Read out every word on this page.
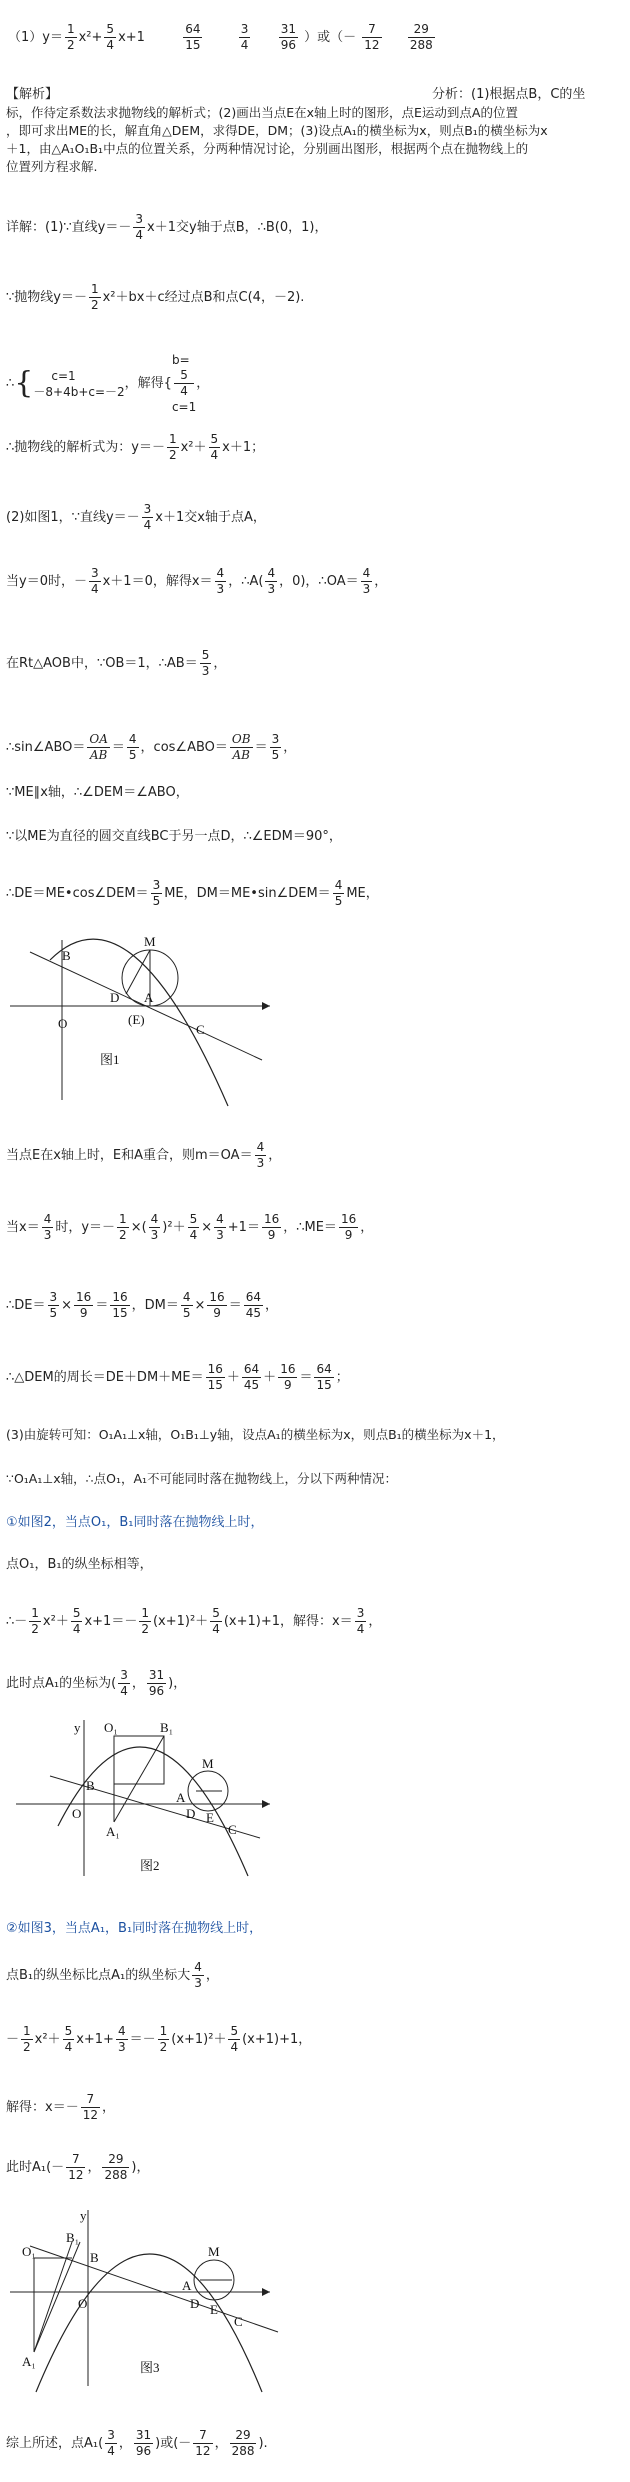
$(1)y= \frac{1}{2} x^2+ \frac{5}{4} x+1$	$\frac{64}{15}$
	$\frac{3}{4}$
$\frac{31}{96}$ ）或（－ $\frac{7}{12}$
$\frac{29}{288}$
【解析】	分析：(1)根据点B，C的坐
标，作待定系数法求抛物线的解析式；(2)画出当点E在x轴上时的图形，点E运动到点A的位置
，即可求出ME的长，解直角△DEM，求得DE，DM；(3)设点A₁的横坐标为x，则点B₁的横坐标为x
＋1，由△A₁O₁B₁中点的位置关系，分两种情况讨论，分别画出图形，根据两个点在抛物线上的
位置列方程求解.
详解：(1)∵直线$y=- \frac{3}{4} x+1$交y轴于点B，∴B(0，1)，
∵抛物线$y=- \frac{1}{2} x^2+bx+c$经过点B和点C(4，－2).
∴{	c=1
－8+4b+c=－2
，解得{
b=
5
4
c=1
，
∴抛物线的解析式为：$y=- \frac{1}{2} x^2+ \frac{5}{4} x+1$；
(2)如图1，∵直线$y=- \frac{3}{4} x+1$交x轴于点A，
当y＝0时，－ $\frac{3}{4} x+1=0$，解得$x= \frac{4}{3}$ ，∴A( $\frac{4}{3}$ ，0)，∴OA＝ $\frac{4}{3}$ ，
在Rt△AOB中，∵OB＝1，∴AB＝ $\frac{5}{3}$ ，
∴sin∠ABO＝ $\frac{OA}{AB} = \frac{4}{5}$ ，cos∠ABO＝ $\frac{OB}{AB} = \frac{3}{5}$ ，
∵ME∥x轴，∴∠DEM＝∠ABO，
∵以ME为直径的圆交直线BC于另一点D，∴∠EDM＝90°，
∴DE＝ME•cos∠DEM＝ $\frac{3}{5}$ ME，DM＝ME•sin∠DEM＝ $\frac{4}{5}$ ME，
B
M
O
D A
(E)
C
图1
当点E在x轴上时，E和A重合，则$m=OA= \frac{4}{3}$ ，
当$x= \frac{4}{3}$ 时，$y=- \frac{1}{2}$ ×( $\frac{4}{3} )^2+ \frac{5}{4} \times \frac{4}{3} +1= \frac{16}{9}$ ，∴ME＝ $\frac{16}{9}$ ，
∴DE＝ $\frac{3}{5} \times \frac{16}{9} = \frac{16}{15}$ ，$DM= \frac{4}{5} \times \frac{16}{9} = \frac{64}{45}$ ，
∴△DEM的周长$=DE+DM+ME= \frac{16}{15} + \frac{64}{45} + \frac{16}{9} = \frac{64}{15}$ ；
(3)由旋转可知：O₁A₁⊥x轴，O₁B₁⊥y轴，设点A₁的横坐标为x，则点B₁的横坐标为x＋1，
∵O₁A₁⊥x轴，∴点O₁，A₁不可能同时落在抛物线上，分以下两种情况：
①如图2，当点O₁，B₁同时落在抛物线上时，
点O₁，B₁的纵坐标相等，
∴－ $\frac{1}{2} x^2+ \frac{5}{4} x+1=- \frac{1}{2} (x+1)^2+ \frac{5}{4} (x+1)+1$，解得：$x= \frac{3}{4}$ ，
此时点A₁的坐标为( $\frac{3}{4}$ ， $\frac{31}{96}$ )，
y O₁	B₁
B
M
O
A
D
A₁
E
C
图2
②如图3，当点A₁，B₁同时落在抛物线上时，
点B₁的纵坐标比点A₁的纵坐标大 $\frac{4}{3}$ ，
－ $\frac{1}{2} x^2+ \frac{5}{4} x+1+ \frac{4}{3} =- \frac{1}{2} (x+1)^2+ \frac{5}{4} (x+1)+1$，
解得：$x=- \frac{7}{12}$ ，
此时$A_1(- \frac{7}{12}$ ， $\frac{29}{288}$ )，
y
B₁
O₁	B	M
O
A
D E
C
A₁	图3
综上所述，点$A_1( \frac{3}{4}$ ， $\frac{31}{96}$ )或(－ $\frac{7}{12}$ ， $\frac{29}{288}$ ).
